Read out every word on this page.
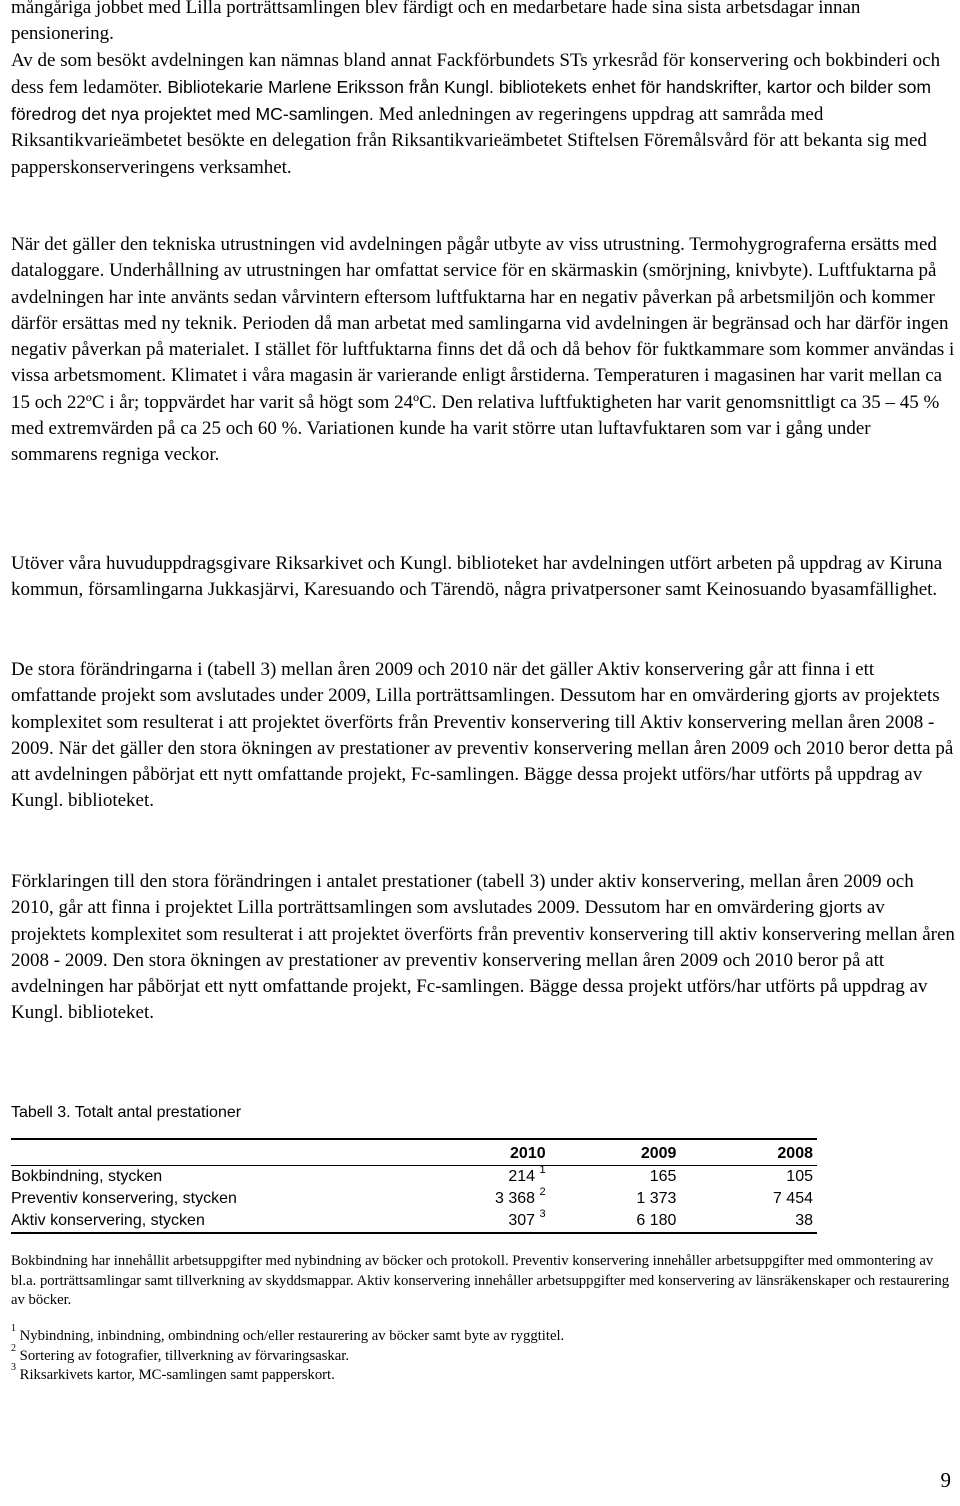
mångåriga jobbet med Lilla porträttsamlingen blev färdigt och en medarbetare hade sina sista arbetsdagar innan pensionering.
Av de som besökt avdelningen kan nämnas bland annat Fackförbundets STs yrkesråd för konservering och bokbinderi och dess fem ledamöter. Bibliotekarie Marlene Eriksson från Kungl. bibliotekets enhet för handskrifter, kartor och bilder som föredrog det nya projektet med MC-samlingen. Med anledningen av regeringens uppdrag att samråda med Riksantikvarieämbetet besökte en delegation från Riksantikvarieämbetet Stiftelsen Föremålsvård för att bekanta sig med papperskonserveringens verksamhet.

När det gäller den tekniska utrustningen vid avdelningen pågår utbyte av viss utrustning. Termohygrograferna ersätts med dataloggare. Underhållning av utrustningen har omfattat service för en skärmaskin (smörjning, knivbyte). Luftfuktarna på avdelningen har inte använts sedan vårvintern eftersom luftfuktarna har en negativ påverkan på arbetsmiljön och kommer därför ersättas med ny teknik. Perioden då man arbetat med samlingarna vid avdelningen är begränsad och har därför ingen negativ påverkan på materialet. I stället för luftfuktarna finns det då och då behov för fuktkammare som kommer användas i vissa arbetsmoment. Klimatet i våra magasin är varierande enligt årstiderna. Temperaturen i magasinen har varit mellan ca 15 och 22ºC i år; toppvärdet har varit så högt som 24ºC. Den relativa luftfuktigheten har varit genomsnittligt ca 35 – 45 % med extremvärden på ca 25 och 60 %. Variationen kunde ha varit större utan luftavfuktaren som var i gång under sommarens regniga veckor.

Utöver våra huvuduppdragsgivare Riksarkivet och Kungl. biblioteket har avdelningen utfört arbeten på uppdrag av Kiruna kommun, församlingarna Jukkasjärvi, Karesuando och Tärendö, några privatpersoner samt Keinosuando byasamfällighet.

De stora förändringarna i (tabell 3) mellan åren 2009 och 2010 när det gäller Aktiv konservering går att finna i ett omfattande projekt som avslutades under 2009, Lilla porträttsamlingen. Dessutom har en omvärdering gjorts av projektets komplexitet som resulterat i att projektet överförts från Preventiv konservering till Aktiv konservering mellan åren 2008 - 2009. När det gäller den stora ökningen av prestationer av preventiv konservering mellan åren 2009 och 2010 beror detta på att avdelningen påbörjat ett nytt omfattande projekt, Fc-samlingen. Bägge dessa projekt utförs/har utförts på uppdrag av Kungl. biblioteket.

Förklaringen till den stora förändringen i antalet prestationer (tabell 3) under aktiv konservering, mellan åren 2009 och 2010, går att finna i projektet Lilla porträttsamlingen som avslutades 2009. Dessutom har en omvärdering gjorts av projektets komplexitet som resulterat i att projektet överförts från preventiv konservering till aktiv konservering mellan åren 2008 - 2009. Den stora ökningen av prestationer av preventiv konservering mellan åren 2009 och 2010 beror på att avdelningen har påbörjat ett nytt omfattande projekt, Fc-samlingen. Bägge dessa projekt utförs/har utförts på uppdrag av Kungl. biblioteket.

Tabell 3. Totalt antal prestationer
	2010	2009	2008
Bokbindning, stycken	214 $^1$	165	105
Preventiv konservering, stycken	3 368 $^2$	1 373	7 454
Aktiv konservering, stycken	307 $^3$	6 180	38

Bokbindning har innehållit arbetsuppgifter med nybindning av böcker och protokoll. Preventiv konservering innehåller arbetsuppgifter med ommontering av bl.a. porträttsamlingar samt tillverkning av skyddsmappar. Aktiv konservering innehåller arbetsuppgifter med konservering av länsräkenskaper och restaurering av böcker.

$^1$ Nybindning, inbindning, ombindning och/eller restaurering av böcker samt byte av ryggtitel.

$^2$ Sortering av fotografier, tillverkning av förvaringsaskar.

$^3$ Riksarkivets kartor, MC-samlingen samt papperskort.

9
